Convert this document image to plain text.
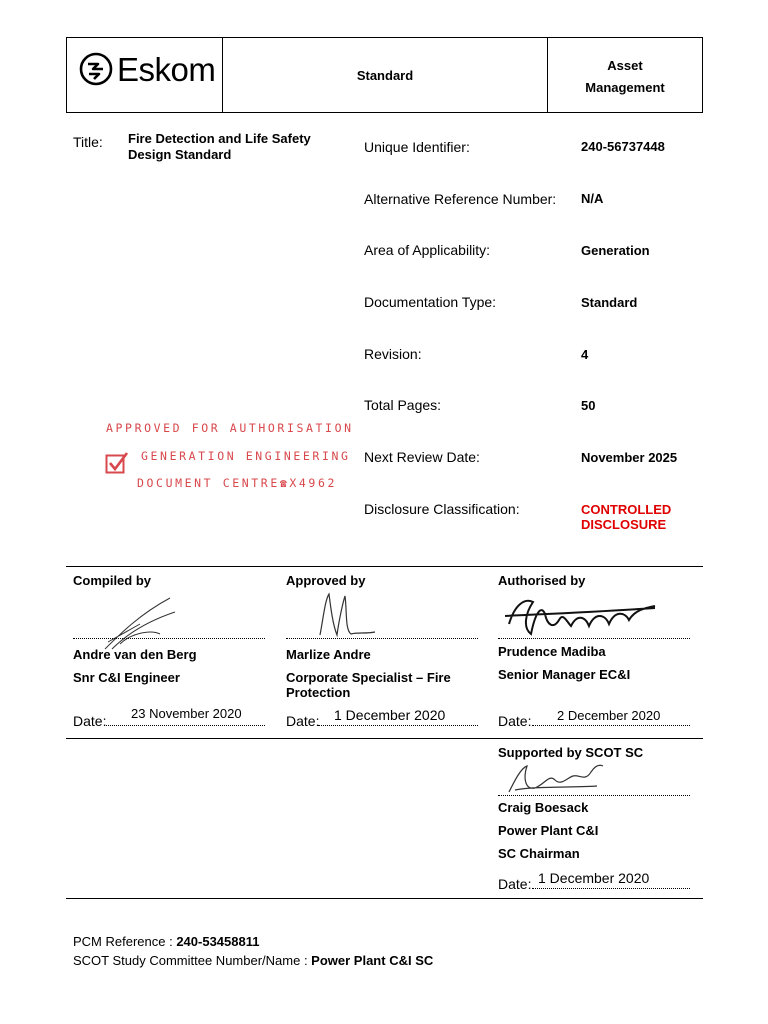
Eskom	Standard
Asset
Management
Title: Fire Detection and Life Safety
Design Standard	Unique Identifier:	240-56737448
Alternative Reference Number: N/A
Area of Applicability:	Generation
Documentation Type:	Standard
Revision:	4
Total Pages:	50
Next Review Date:	November 2025
Disclosure Classification:	CONTROLLED
DISCLOSURE
APPROVED FOR AUTHORISATION
GENERATION ENGINEERING
DOCUMENT CENTRE☎X4962
Compiled by
Andre van den Berg
Snr C&I Engineer
Date: 23 November 2020
Approved by
Marlize Andre
Corporate Specialist – Fire
Protection
Date: 1 December 2020
Authorised by
Prudence Madiba
Senior Manager EC&I
Date: 2 December 2020
Supported by SCOT SC
Craig Boesack
Power Plant C&I
SC Chairman
Date: 1 December 2020
PCM Reference : 240-53458811
SCOT Study Committee Number/Name : Power Plant C&I SC
